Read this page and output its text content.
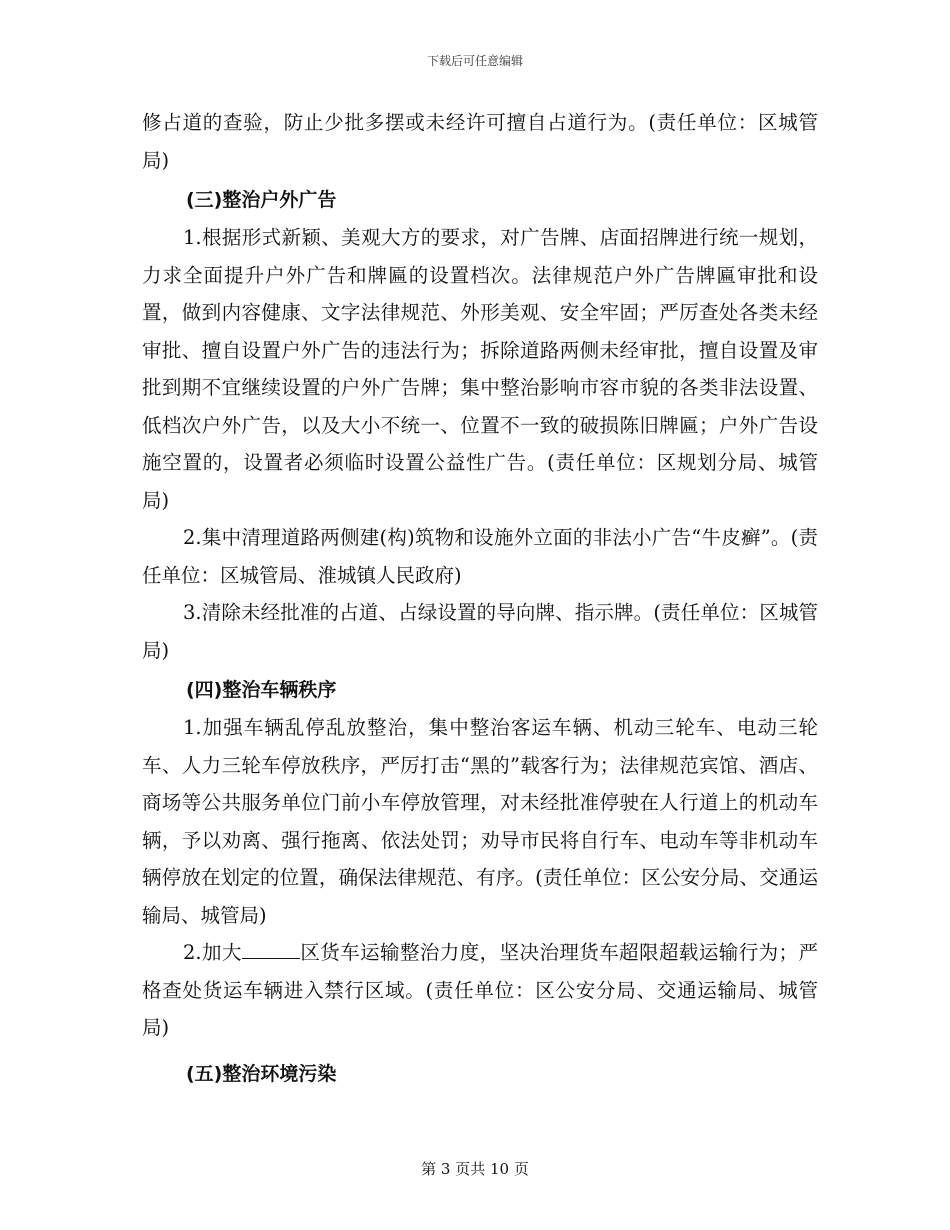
下载后可任意编辑

修占道的查验，防止少批多摆或未经许可擅自占道行为。(责任单位：区城管局)

(三)整治户外广告

1.根据形式新颖、美观大方的要求，对广告牌、店面招牌进行统一规划，力求全面提升户外广告和牌匾的设置档次。法律规范户外广告牌匾审批和设置，做到内容健康、文字法律规范、外形美观、安全牢固；严厉查处各类未经审批、擅自设置户外广告的违法行为；拆除道路两侧未经审批，擅自设置及审批到期不宜继续设置的户外广告牌；集中整治影响市容市貌的各类非法设置、低档次户外广告，以及大小不统一、位置不一致的破损陈旧牌匾；户外广告设施空置的，设置者必须临时设置公益性广告。(责任单位：区规划分局、城管局)

2.集中清理道路两侧建(构)筑物和设施外立面的非法小广告“牛皮癣”。(责任单位：区城管局、淮城镇人民政府)

3.清除未经批准的占道、占绿设置的导向牌、指示牌。(责任单位：区城管局)

(四)整治车辆秩序

1.加强车辆乱停乱放整治，集中整治客运车辆、机动三轮车、电动三轮车、人力三轮车停放秩序，严厉打击“黑的”载客行为；法律规范宾馆、酒店、商场等公共服务单位门前小车停放管理，对未经批准停驶在人行道上的机动车辆，予以劝离、强行拖离、依法处罚；劝导市民将自行车、电动车等非机动车辆停放在划定的位置，确保法律规范、有序。(责任单位：区公安分局、交通运输局、城管局)

2.加大	区货车运输整治力度，坚决治理货车超限超载运输行为；严格查处货运车辆进入禁行区域。(责任单位：区公安分局、交通运输局、城管局)

(五)整治环境污染

第 3 页共 10 页
